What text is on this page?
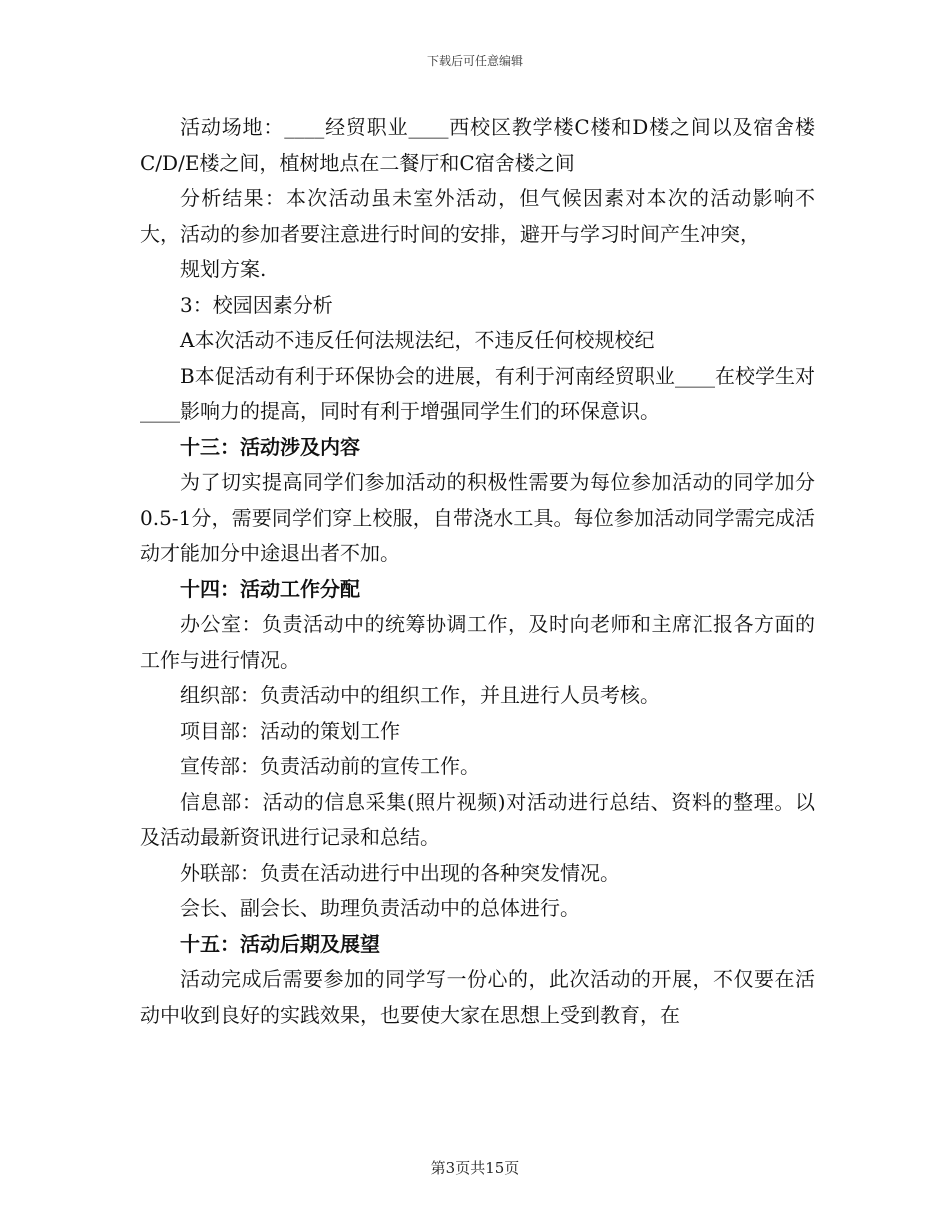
下载后可任意编辑

活动场地：____经贸职业____西校区教学楼C楼和D楼之间以及宿舍楼C/D/E楼之间，植树地点在二餐厅和C宿舍楼之间

分析结果：本次活动虽未室外活动，但气候因素对本次的活动影响不大，活动的参加者要注意进行时间的安排，避开与学习时间产生冲突，

规划方案.

3：校园因素分析

A本次活动不违反任何法规法纪，不违反任何校规校纪

B本促活动有利于环保协会的进展，有利于河南经贸职业____在校学生对____影响力的提高，同时有利于增强同学生们的环保意识。

十三：活动涉及内容

为了切实提高同学们参加活动的积极性需要为每位参加活动的同学加分0.5-1分，需要同学们穿上校服，自带浇水工具。每位参加活动同学需完成活动才能加分中途退出者不加。

十四：活动工作分配

办公室：负责活动中的统筹协调工作，及时向老师和主席汇报各方面的工作与进行情况。

组织部：负责活动中的组织工作，并且进行人员考核。

项目部：活动的策划工作

宣传部：负责活动前的宣传工作。

信息部：活动的信息采集(照片视频)对活动进行总结、资料的整理。以及活动最新资讯进行记录和总结。

外联部：负责在活动进行中出现的各种突发情况。

会长、副会长、助理负责活动中的总体进行。

十五：活动后期及展望

活动完成后需要参加的同学写一份心的，此次活动的开展，不仅要在活动中收到良好的实践效果，也要使大家在思想上受到教育，在

第3页共15页
